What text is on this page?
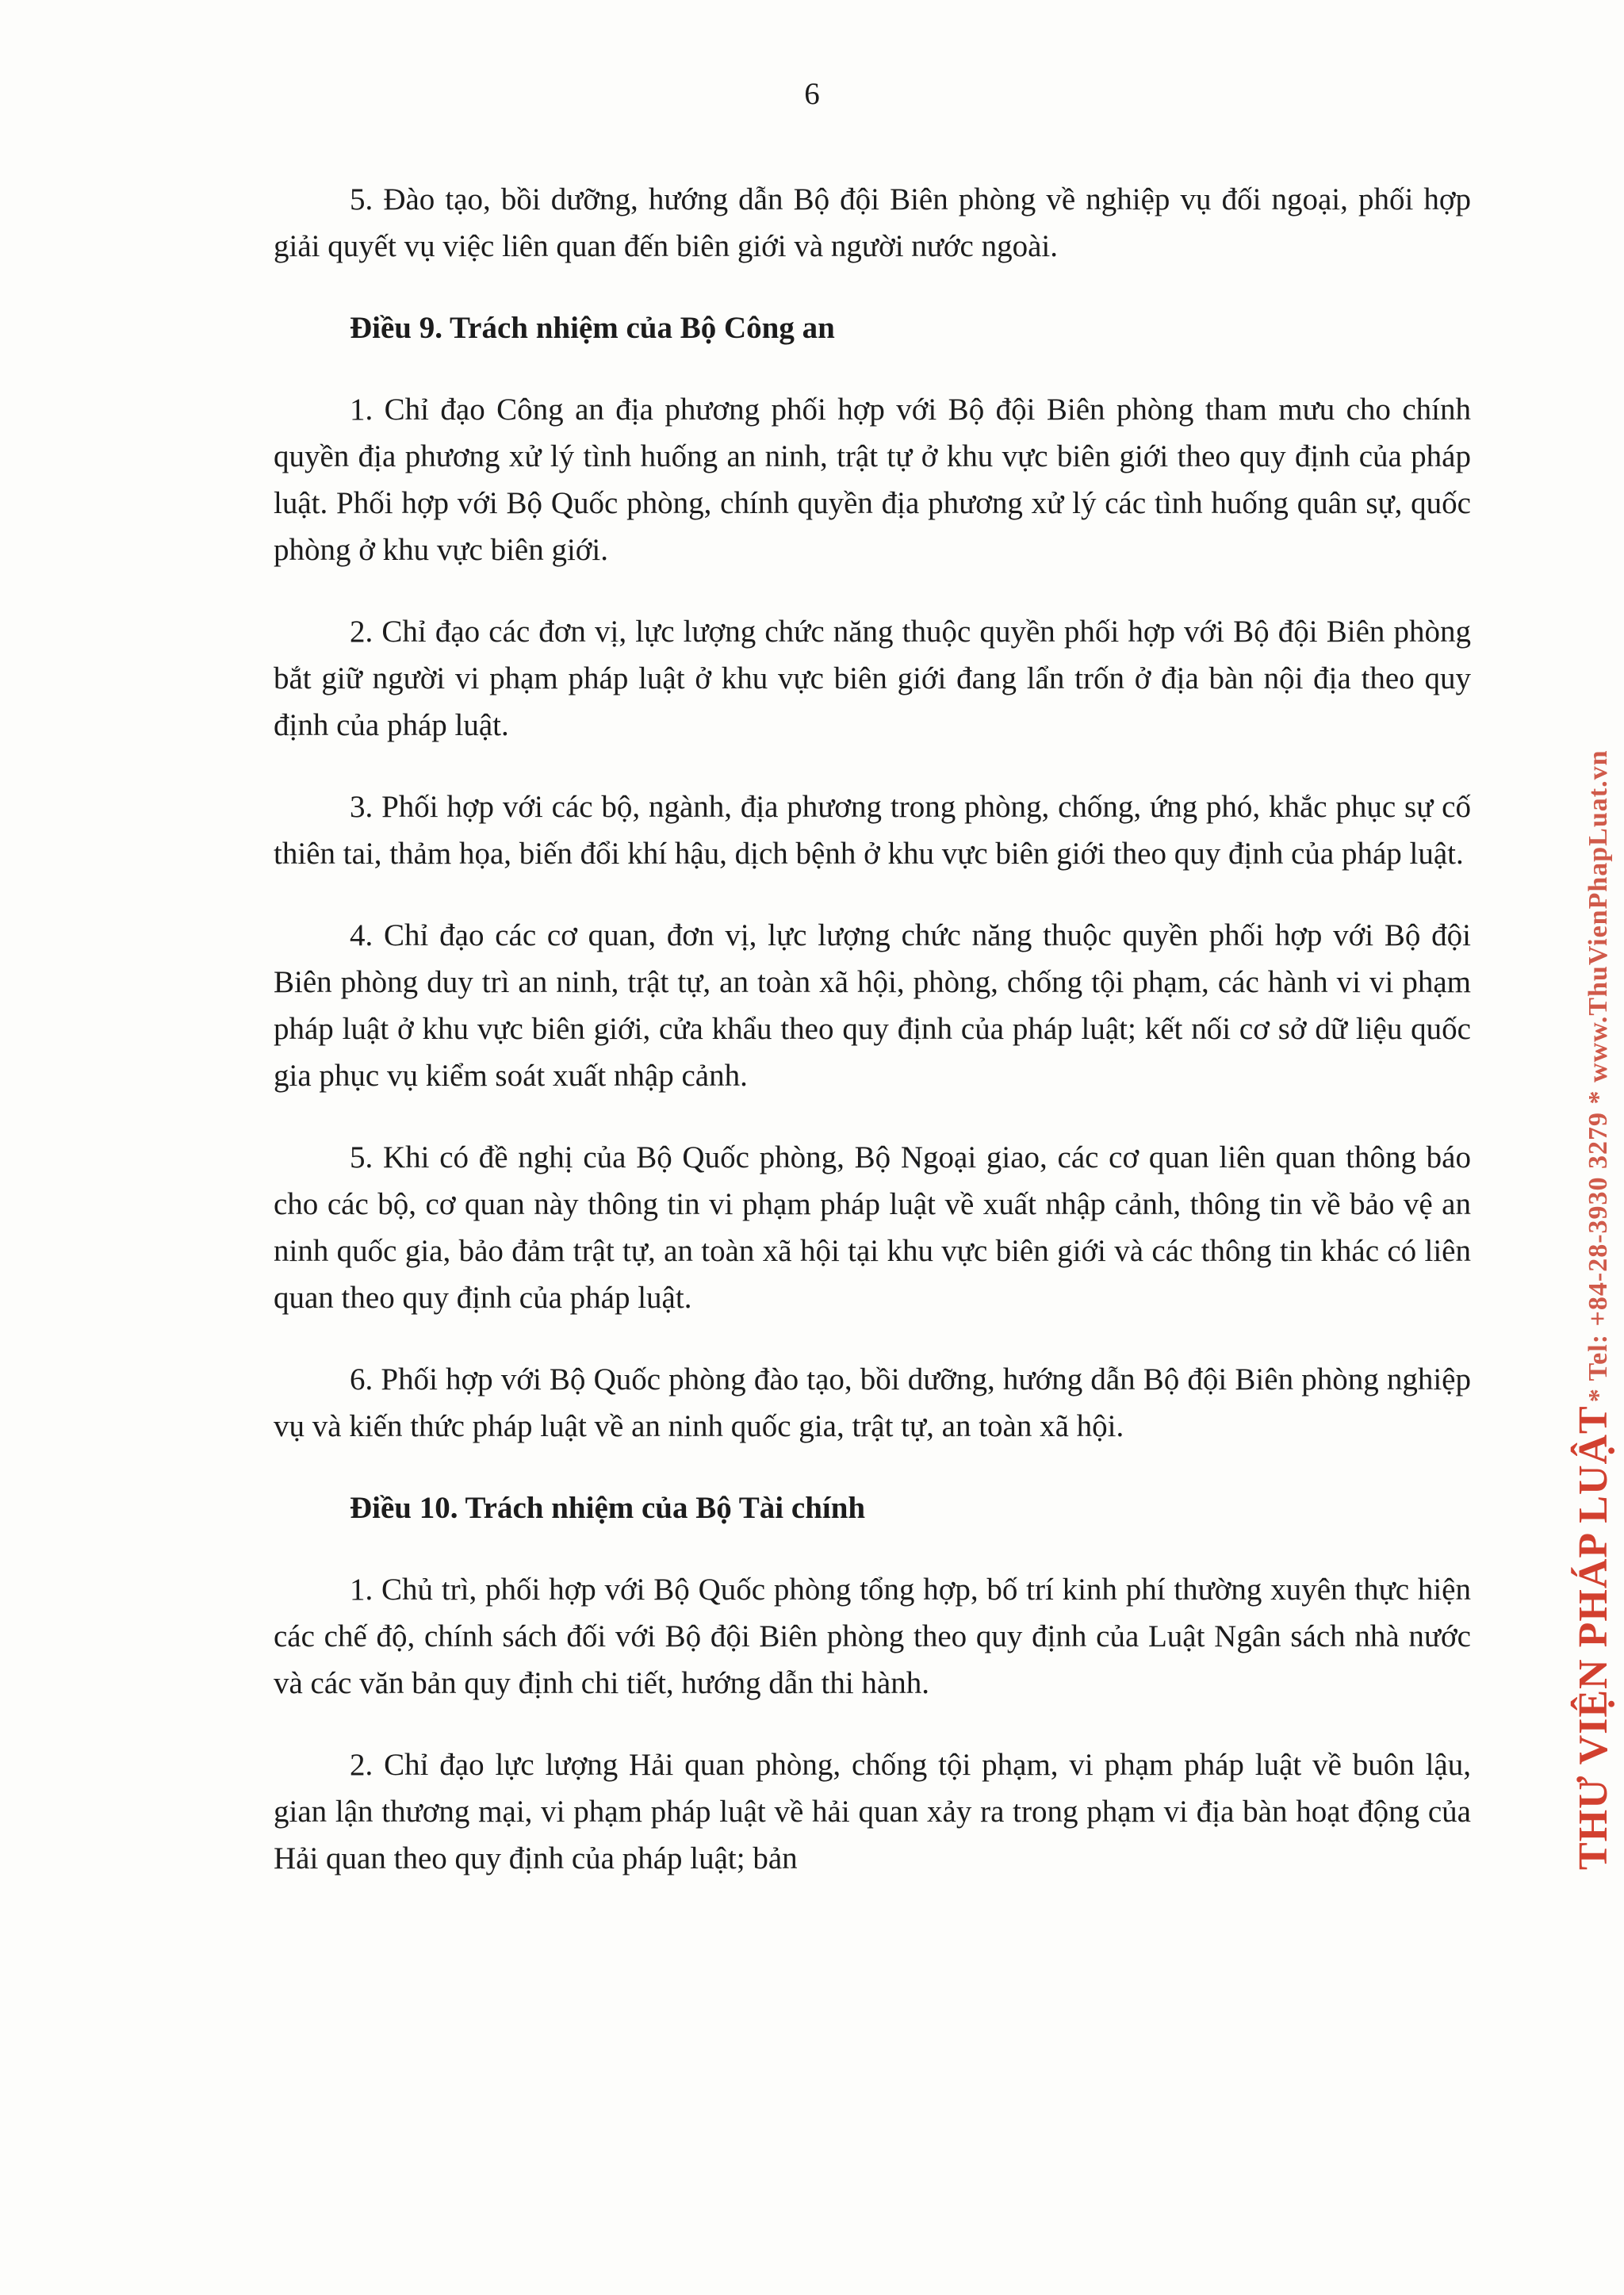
6

5. Đào tạo, bồi dưỡng, hướng dẫn Bộ đội Biên phòng về nghiệp vụ đối ngoại, phối hợp giải quyết vụ việc liên quan đến biên giới và người nước ngoài.

Điều 9. Trách nhiệm của Bộ Công an

1. Chỉ đạo Công an địa phương phối hợp với Bộ đội Biên phòng tham mưu cho chính quyền địa phương xử lý tình huống an ninh, trật tự ở khu vực biên giới theo quy định của pháp luật. Phối hợp với Bộ Quốc phòng, chính quyền địa phương xử lý các tình huống quân sự, quốc phòng ở khu vực biên giới.

2. Chỉ đạo các đơn vị, lực lượng chức năng thuộc quyền phối hợp với Bộ đội Biên phòng bắt giữ người vi phạm pháp luật ở khu vực biên giới đang lẩn trốn ở địa bàn nội địa theo quy định của pháp luật.

3. Phối hợp với các bộ, ngành, địa phương trong phòng, chống, ứng phó, khắc phục sự cố thiên tai, thảm họa, biến đổi khí hậu, dịch bệnh ở khu vực biên giới theo quy định của pháp luật.

4. Chỉ đạo các cơ quan, đơn vị, lực lượng chức năng thuộc quyền phối hợp với Bộ đội Biên phòng duy trì an ninh, trật tự, an toàn xã hội, phòng, chống tội phạm, các hành vi vi phạm pháp luật ở khu vực biên giới, cửa khẩu theo quy định của pháp luật; kết nối cơ sở dữ liệu quốc gia phục vụ kiểm soát xuất nhập cảnh.

5. Khi có đề nghị của Bộ Quốc phòng, Bộ Ngoại giao, các cơ quan liên quan thông báo cho các bộ, cơ quan này thông tin vi phạm pháp luật về xuất nhập cảnh, thông tin về bảo vệ an ninh quốc gia, bảo đảm trật tự, an toàn xã hội tại khu vực biên giới và các thông tin khác có liên quan theo quy định của pháp luật.

6. Phối hợp với Bộ Quốc phòng đào tạo, bồi dưỡng, hướng dẫn Bộ đội Biên phòng nghiệp vụ và kiến thức pháp luật về an ninh quốc gia, trật tự, an toàn xã hội.

Điều 10. Trách nhiệm của Bộ Tài chính

1. Chủ trì, phối hợp với Bộ Quốc phòng tổng hợp, bố trí kinh phí thường xuyên thực hiện các chế độ, chính sách đối với Bộ đội Biên phòng theo quy định của Luật Ngân sách nhà nước và các văn bản quy định chi tiết, hướng dẫn thi hành.

2. Chỉ đạo lực lượng Hải quan phòng, chống tội phạm, vi phạm pháp luật về buôn lậu, gian lận thương mại, vi phạm pháp luật về hải quan xảy ra trong phạm vi địa bàn hoạt động của Hải quan theo quy định của pháp luật; bản	THƯ VIỆN PHÁP LUẬT * Tel: +84-28-3930 3279 * www.ThuVienPhapLuat.vn
